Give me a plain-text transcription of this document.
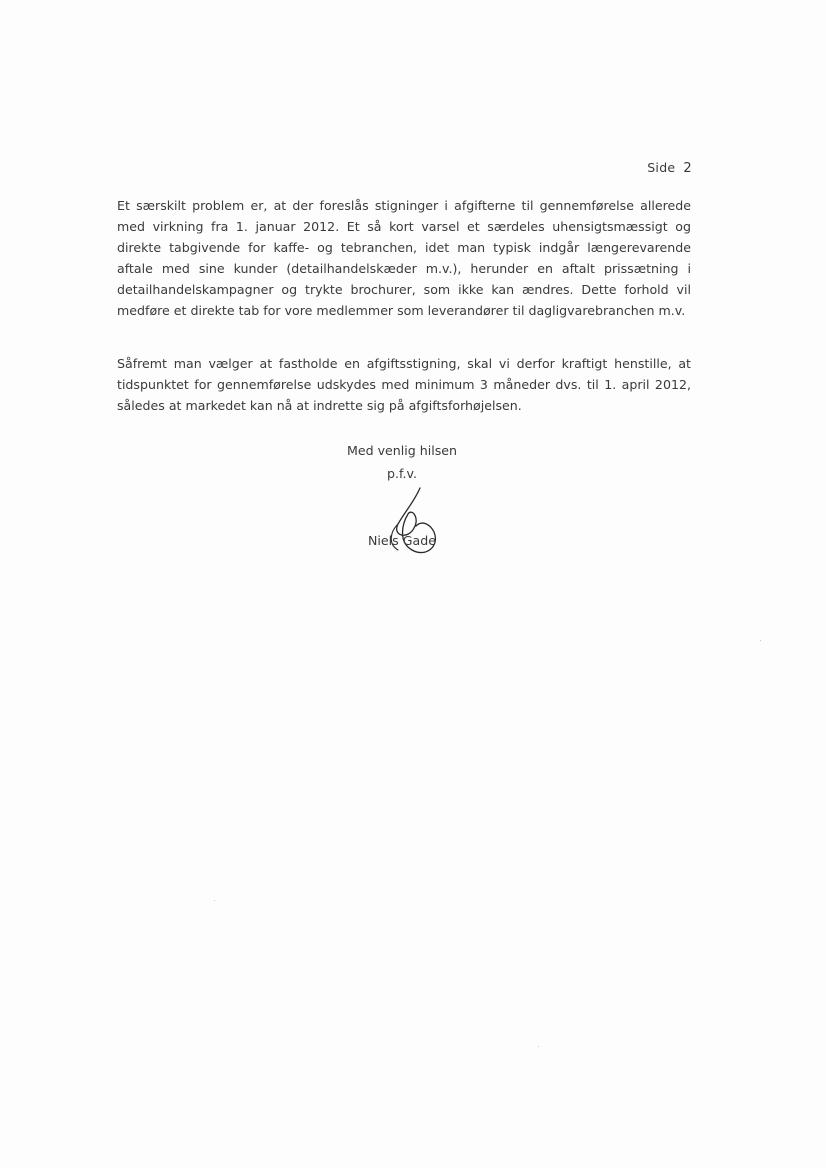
Side 2

Et særskilt problem er, at der foreslås stigninger i afgifterne til gennemførelse allerede med virkning fra 1. januar 2012. Et så kort varsel et særdeles uhensigtsmæssigt og direkte tabgivende for kaffe- og tebranchen, idet man typisk indgår længerevarende aftale med sine kunder (detailhandelskæder m.v.), herunder en aftalt prissætning i detailhandelskampagner og trykte brochurer, som ikke kan ændres. Dette forhold vil medføre et direkte tab for vore medlemmer som leverandører til dagligvarebranchen m.v.

Såfremt man vælger at fastholde en afgiftsstigning, skal vi derfor kraftigt henstille, at tidspunktet for gennemførelse udskydes med minimum 3 måneder dvs. til 1. april 2012, således at markedet kan nå at indrette sig på afgiftsforhøjelsen.

Med venlig hilsen
p.f.v.
Niels Gade
